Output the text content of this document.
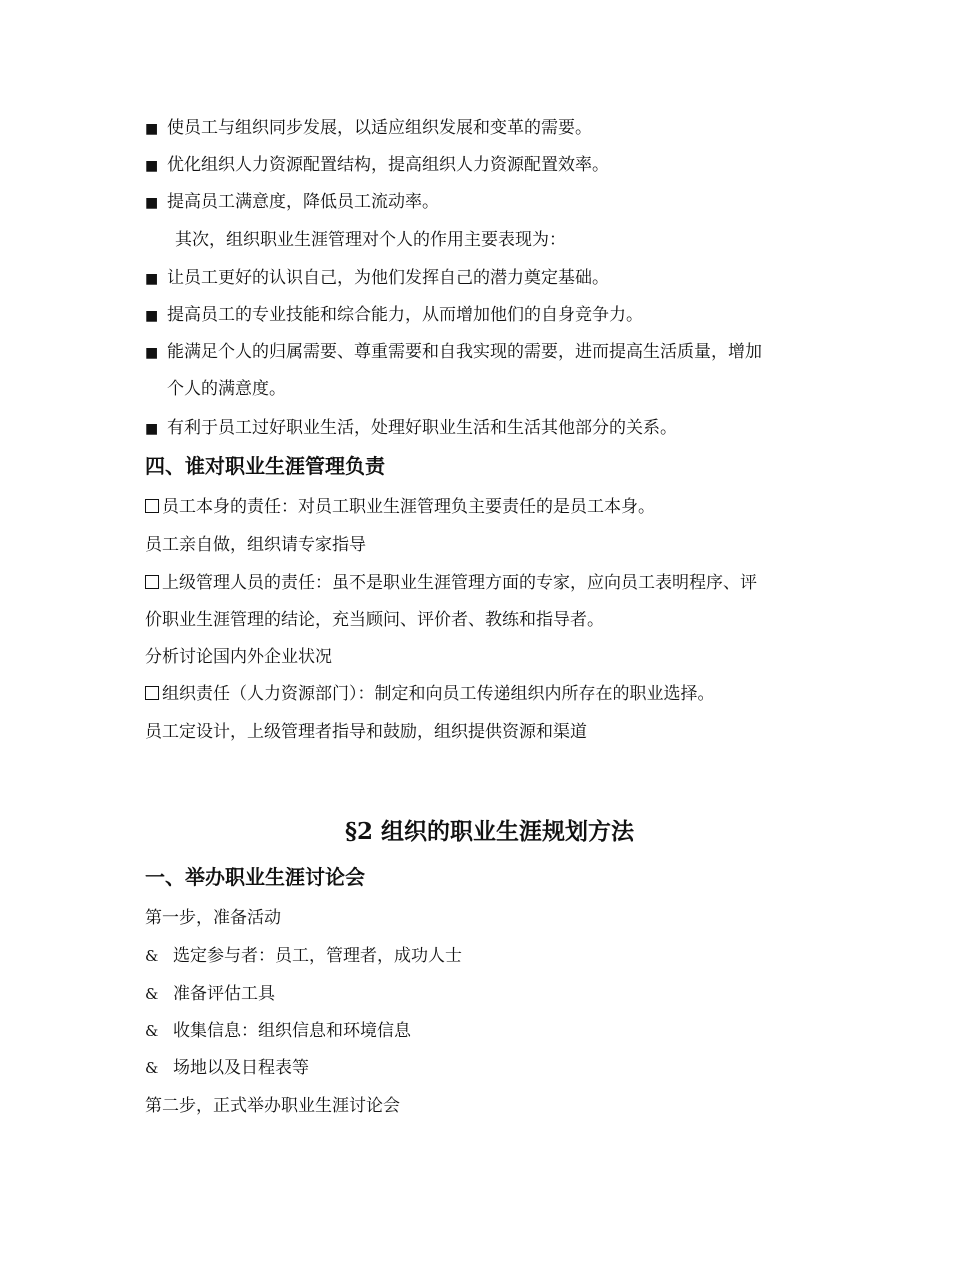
■ 使员工与组织同步发展，以适应组织发展和变革的需要。
■ 优化组织人力资源配置结构，提高组织人力资源配置效率。
■ 提高员工满意度，降低员工流动率。
其次，组织职业生涯管理对个人的作用主要表现为：
■ 让员工更好的认识自己，为他们发挥自己的潜力奠定基础。
■ 提高员工的专业技能和综合能力，从而增加他们的自身竞争力。
■ 能满足个人的归属需要、尊重需要和自我实现的需要，进而提高生活质量，增加
个人的满意度。
■ 有利于员工过好职业生活，处理好职业生活和生活其他部分的关系。
四、谁对职业生涯管理负责
员工本身的责任：对员工职业生涯管理负主要责任的是员工本身。
员工亲自做，组织请专家指导
上级管理人员的责任：虽不是职业生涯管理方面的专家，应向员工表明程序、评
价职业生涯管理的结论，充当顾问、评价者、教练和指导者。
分析讨论国内外企业状况
组织责任（人力资源部门）：制定和向员工传递组织内所存在的职业选择。
员工定设计，上级管理者指导和鼓励，组织提供资源和渠道
§2 组织的职业生涯规划方法
一、举办职业生涯讨论会
第一步，准备活动
& 选定参与者：员工，管理者，成功人士
& 准备评估工具
& 收集信息：组织信息和环境信息
& 场地以及日程表等
第二步，正式举办职业生涯讨论会
